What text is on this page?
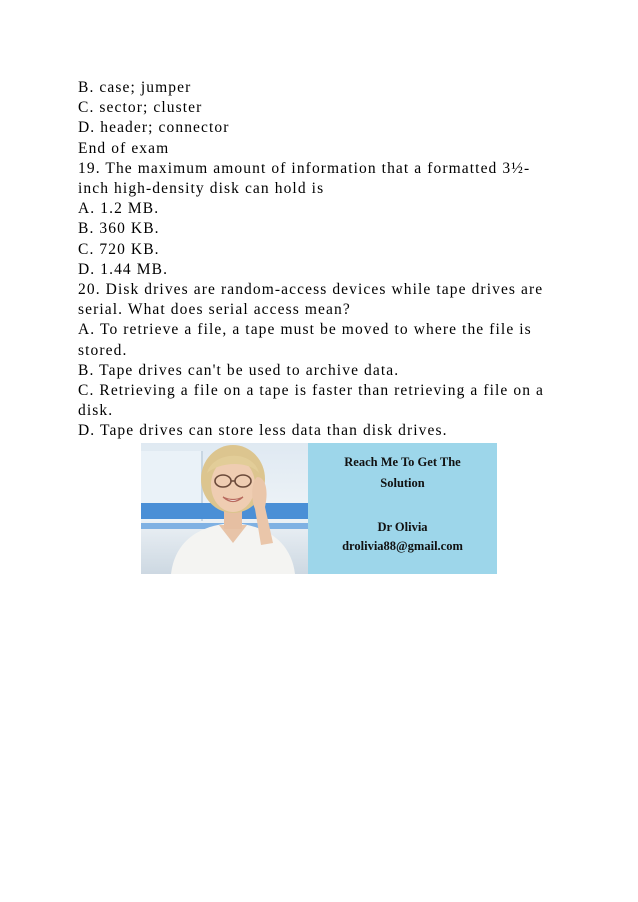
B. case; jumper
C. sector; cluster
D. header; connector
End of exam
19. The maximum amount of information that a formatted 3½-
inch high-density disk can hold is
A. 1.2 MB.
B. 360 KB.
C. 720 KB.
D. 1.44 MB.
20. Disk drives are random-access devices while tape drives are
serial. What does serial access mean?
A. To retrieve a file, a tape must be moved to where the file is
stored.
B. Tape drives can't be used to archive data.
C. Retrieving a file on a tape is faster than retrieving a file on a
disk.
D. Tape drives can store less data than disk drives.
Reach Me To Get The
Solution
Dr Olivia
drolivia88@gmail.com
